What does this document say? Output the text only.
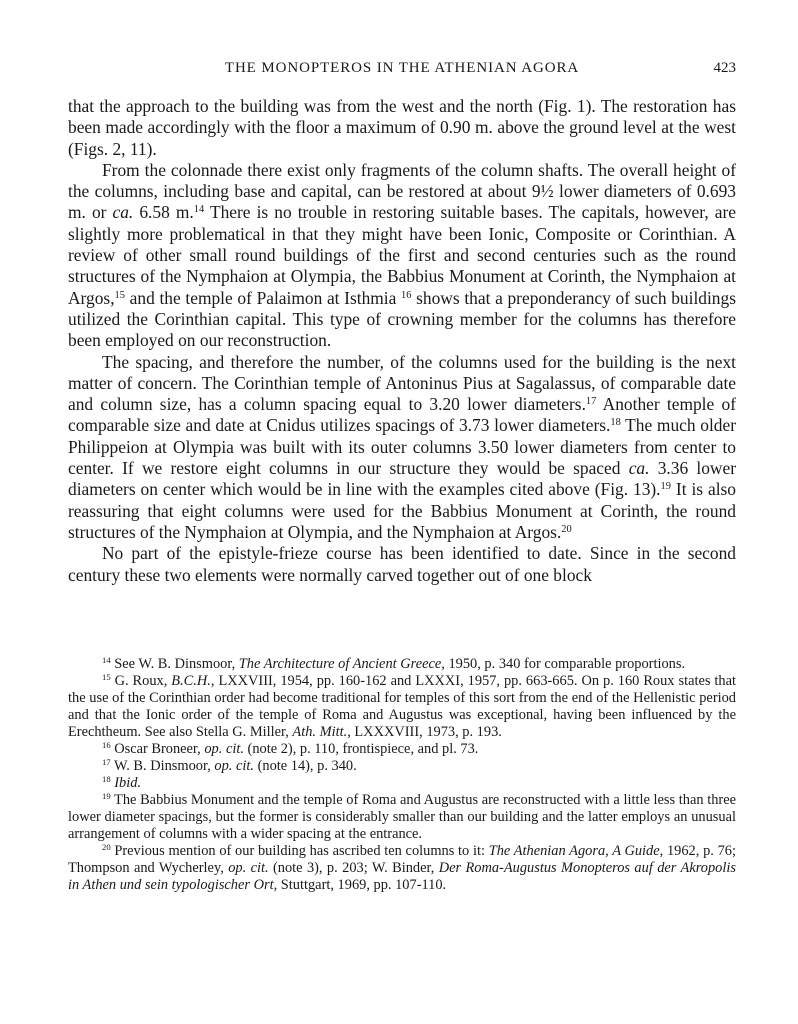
THE MONOPTEROS IN THE ATHENIAN AGORA	423

that the approach to the building was from the west and the north (Fig. 1). The restoration has been made accordingly with the floor a maximum of 0.90 m. above the ground level at the west (Figs. 2, 11).

From the colonnade there exist only fragments of the column shafts. The overall height of the columns, including base and capital, can be restored at about 9½ lower diameters of 0.693 m. or ca. 6.58 m.$^{14}$ There is no trouble in restoring suitable bases. The capitals, however, are slightly more problematical in that they might have been Ionic, Composite or Corinthian. A review of other small round buildings of the first and second centuries such as the round structures of the Nymphaion at Olympia, the Babbius Monument at Corinth, the Nymphaion at Argos,$^{15}$ and the temple of Palaimon at Isthmia $^{16}$ shows that a preponderancy of such buildings utilized the Corinthian capital. This type of crowning member for the columns has therefore been employed on our reconstruction.

The spacing, and therefore the number, of the columns used for the building is the next matter of concern. The Corinthian temple of Antoninus Pius at Sagalassus, of comparable date and column size, has a column spacing equal to 3.20 lower diameters.$^{17}$ Another temple of comparable size and date at Cnidus utilizes spacings of 3.73 lower diameters.$^{18}$ The much older Philippeion at Olympia was built with its outer columns 3.50 lower diameters from center to center. If we restore eight columns in our structure they would be spaced ca. 3.36 lower diameters on center which would be in line with the examples cited above (Fig. 13).$^{19}$ It is also reassuring that eight columns were used for the Babbius Monument at Corinth, the round structures of the Nymphaion at Olympia, and the Nymphaion at Argos.$^{20}$

No part of the epistyle-frieze course has been identified to date. Since in the second century these two elements were normally carved together out of one block

$^{14}$ See W. B. Dinsmoor, The Architecture of Ancient Greece, 1950, p. 340 for comparable proportions.

$^{15}$ G. Roux, B.C.H., LXXVIII, 1954, pp. 160-162 and LXXXI, 1957, pp. 663-665. On p. 160 Roux states that the use of the Corinthian order had become traditional for temples of this sort from the end of the Hellenistic period and that the Ionic order of the temple of Roma and Augustus was exceptional, having been influenced by the Erechtheum. See also Stella G. Miller, Ath. Mitt., LXXXVIII, 1973, p. 193.

$^{16}$ Oscar Broneer, op. cit. (note 2), p. 110, frontispiece, and pl. 73.

$^{17}$ W. B. Dinsmoor, op. cit. (note 14), p. 340.

$^{18}$ Ibid.

$^{19}$ The Babbius Monument and the temple of Roma and Augustus are reconstructed with a little less than three lower diameter spacings, but the former is considerably smaller than our building and the latter employs an unusual arrangement of columns with a wider spacing at the entrance.

$^{20}$ Previous mention of our building has ascribed ten columns to it: The Athenian Agora, A Guide, 1962, p. 76; Thompson and Wycherley, op. cit. (note 3), p. 203; W. Binder, Der Roma-Augustus Monopteros auf der Akropolis in Athen und sein typologischer Ort, Stuttgart, 1969, pp. 107-110.
